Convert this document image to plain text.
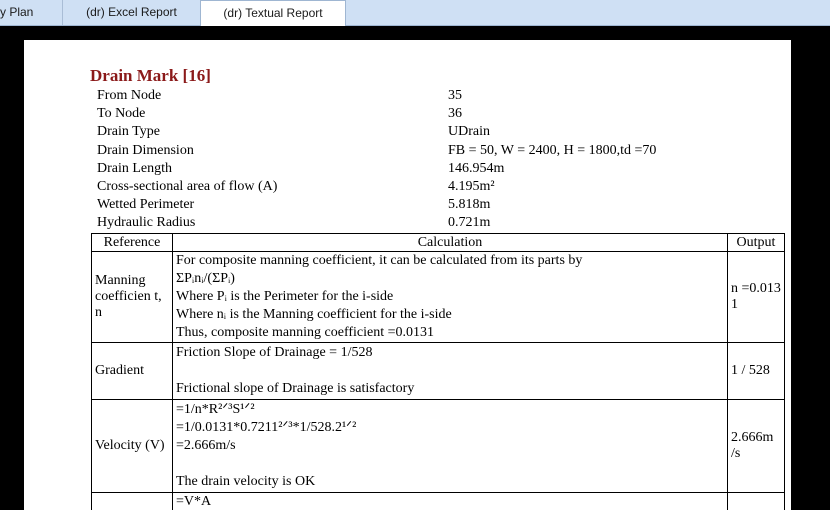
y Plan	(dr) Excel Report	(dr) Textual Report
Drain Mark [16]
From Node	35
To Node	36
Drain Type	UDrain
Drain Dimension	FB = 50, W = 2400, H = 1800,td =70
Drain Length	146.954m
Cross-sectional area of flow (A)	4.195m²
Wetted Perimeter	5.818m
Hydraulic Radius	0.721m
Reference	Calculation	Output
Manning coefficien t, n	For composite manning coefficient, it can be calculated from its parts by
ΣPᵢnᵢ/(ΣPᵢ)
Where Pᵢ is the Perimeter for the i-side
Where nᵢ is the Manning coefficient for the i-side
Thus, composite manning coefficient =0.0131	n =0.013 1
Gradient	Friction Slope of Drainage = 1/528

Frictional slope of Drainage is satisfactory	1 / 528
Velocity (V)	=1/n*R²ᐟ³S¹ᐟ²
=1/0.0131*0.7211²ᐟ³*1/528.2¹ᐟ²
=2.666m/s

The drain velocity is OK	2.666m /s

	=V*A	
